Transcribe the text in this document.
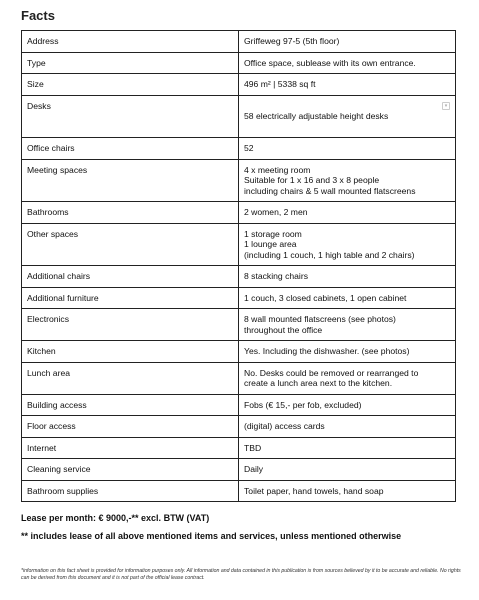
Facts
Address	Griffeweg 97-5 (5th floor)
Type	Office space, sublease with its own entrance.
Size	496 m² | 5338 sq ft
Desks	58 electrically adjustable height desks

▾

Office chairs	52
Meeting spaces	4 x meeting room
Suitable for 1 x 16 and 3 x 8 people
including chairs & 5 wall mounted flatscreens
Bathrooms	2 women, 2 men
Other spaces	1 storage room
1 lounge area
(including 1 couch, 1 high table and 2 chairs)
Additional chairs	8 stacking chairs
Additional furniture	1 couch, 3 closed cabinets, 1 open cabinet
Electronics	8 wall mounted flatscreens (see photos)
throughout the office
Kitchen	Yes. Including the dishwasher. (see photos)
Lunch area	No. Desks could be removed or rearranged to
create a lunch area next to the kitchen.
Building access	Fobs (€ 15,- per fob, excluded)
Floor access	(digital) access cards
Internet	TBD
Cleaning service	Daily
Bathroom supplies	Toilet paper, hand towels, hand soap
Lease per month: € 9000,-** excl. BTW (VAT)
** includes lease of all above mentioned items and services, unless mentioned otherwise
*information on this fact sheet is provided for information purposes only. All information and data contained in this publication is from sources believed by it to be accurate and reliable. No rights can be derived from this document and it is not part of the official lease contract.
